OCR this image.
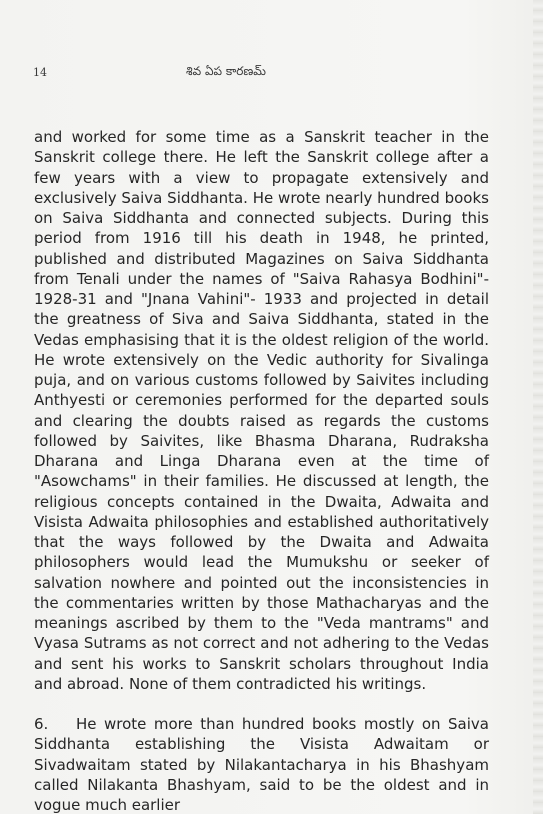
14	శివ ఏప కారణమ్

and worked for some time as a Sanskrit teacher in the Sanskrit college there. He left the Sanskrit college after a few years with a view to propagate extensively and exclusively Saiva Siddhanta. He wrote nearly hundred books on Saiva Siddhanta and connected subjects. During this period from 1916 till his death in 1948, he printed, published and distributed Magazines on Saiva Siddhanta from Tenali under the names of "Saiva Rahasya Bodhini"- 1928-31 and "Jnana Vahini"- 1933 and projected in detail the greatness of Siva and Saiva Siddhanta, stated in the Vedas emphasising that it is the oldest religion of the world. He wrote extensively on the Vedic authority for Sivalinga puja, and on various customs followed by Saivites including Anthyesti or ceremonies performed for the departed souls and clearing the doubts raised as regards the customs followed by Saivites, like Bhasma Dharana, Rudraksha Dharana and Linga Dharana even at the time of "Asowchams" in their families. He discussed at length, the religious concepts contained in the Dwaita, Adwaita and Visista Adwaita philosophies and established authoritatively that the ways followed by the Dwaita and Adwaita philosophers would lead the Mumukshu or seeker of salvation nowhere and pointed out the inconsistencies in the commentaries written by those Mathacharyas and the meanings ascribed by them to the "Veda mantrams" and Vyasa Sutrams as not correct and not adhering to the Vedas and sent his works to Sanskrit scholars throughout India and abroad. None of them contradicted his writings.

6. He wrote more than hundred books mostly on Saiva Siddhanta establishing the Visista Adwaitam or Sivadwaitam stated by Nilakantacharya in his Bhashyam called Nilakanta Bhashyam, said to be the oldest and in vogue much earlier
